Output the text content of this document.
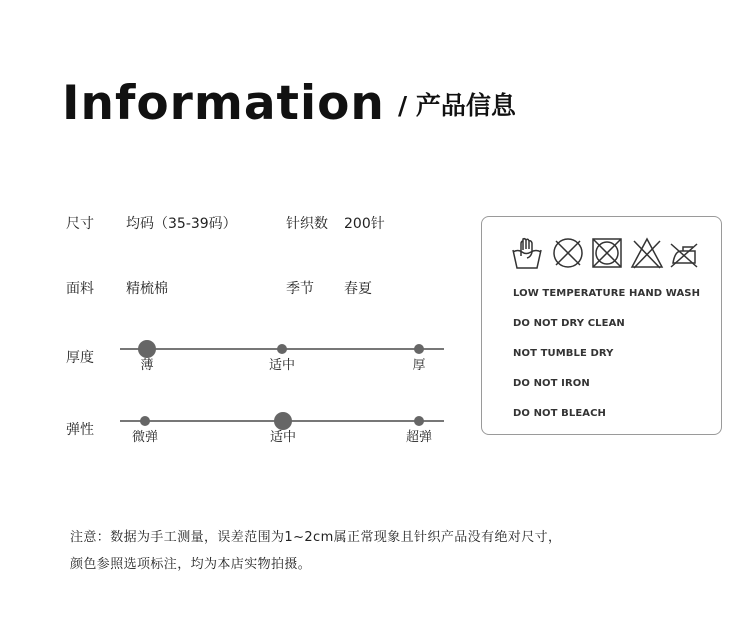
Information / 产品信息
尺寸 均码（35-39码）	针织数 200针
面料 精梳棉	季节 春夏
厚度	薄	适中	厚
弹性	微弹	适中	超弹
LOW TEMPERATURE HAND WASH
DO NOT DRY CLEAN
NOT TUMBLE DRY
DO NOT IRON
DO NOT BLEACH
注意：数据为手工测量，误差范围为1~2cm属正常现象且针织产品没有绝对尺寸，
颜色参照选项标注，均为本店实物拍摄。
